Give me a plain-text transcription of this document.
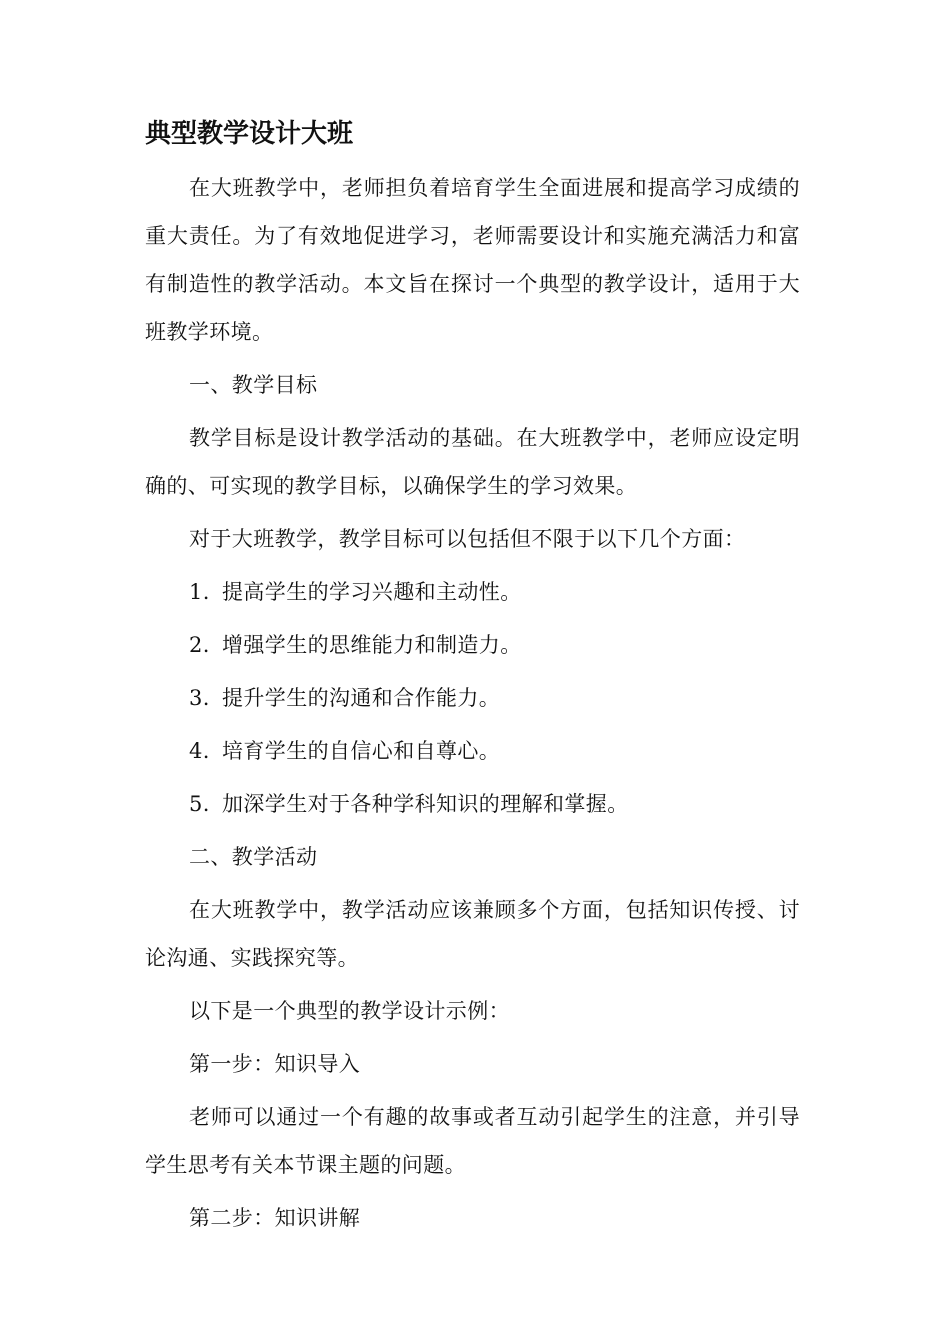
典型教学设计大班

在大班教学中，老师担负着培育学生全面进展和提高学习成绩的重大责任。为了有效地促进学习，老师需要设计和实施充满活力和富有制造性的教学活动。本文旨在探讨一个典型的教学设计，适用于大班教学环境。

一、教学目标

教学目标是设计教学活动的基础。在大班教学中，老师应设定明确的、可实现的教学目标，以确保学生的学习效果。

对于大班教学，教学目标可以包括但不限于以下几个方面：

1. 提高学生的学习兴趣和主动性。

2. 增强学生的思维能力和制造力。

3. 提升学生的沟通和合作能力。

4. 培育学生的自信心和自尊心。

5. 加深学生对于各种学科知识的理解和掌握。

二、教学活动

在大班教学中，教学活动应该兼顾多个方面，包括知识传授、讨论沟通、实践探究等。

以下是一个典型的教学设计示例：

第一步：知识导入

老师可以通过一个有趣的故事或者互动引起学生的注意，并引导学生思考有关本节课主题的问题。

第二步：知识讲解
